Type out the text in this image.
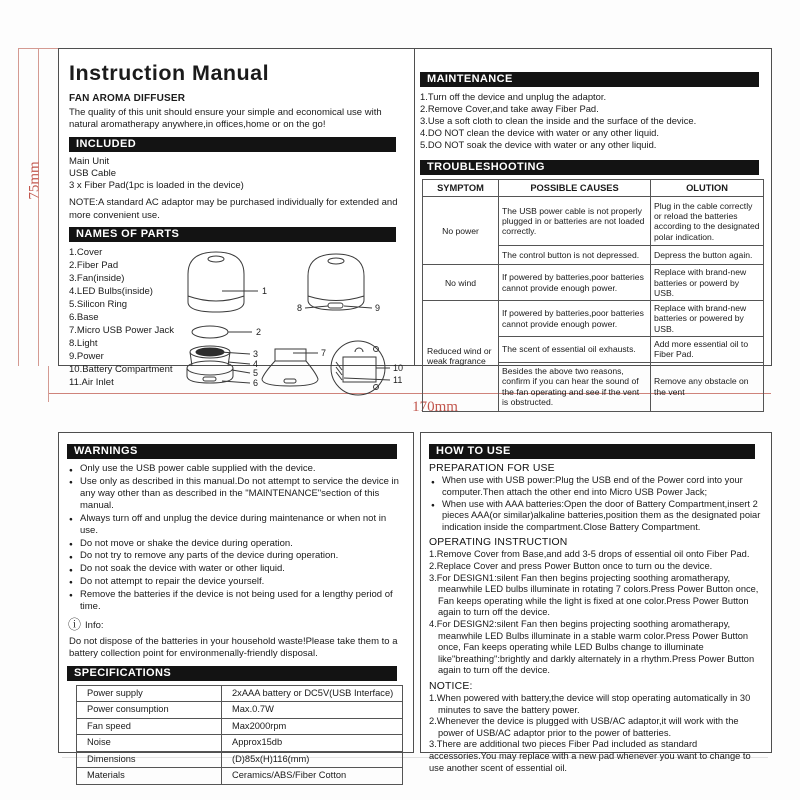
75mm
170mm
Instruction Manual
FAN AROMA DIFFUSER
The quality of this unit should ensure your simple and economical use with natural aromatherapy anywhere,in offices,home or on the go!
INCLUDED
Main Unit
USB Cable
3 x Fiber Pad(1pc is loaded in the device)
NOTE:A standard AC adaptor may be purchased individually for extended and more convenient use.
NAMES OF PARTS
1.Cover
2.Fiber Pad
3.Fan(inside)
4.LED Bulbs(inside)
5.Silicon Ring
6.Base
7.Micro USB Power Jack
8.Light
9.Power
10.Battery Compartment
11.Air Inlet
1
8	9
2
3
4
5
6
7
10
11
MAINTENANCE
1.Turn off the device and unplug the adaptor.
2.Remove Cover,and take away Fiber Pad.
3.Use a soft cloth to clean the inside and the surface of the device.
4.DO NOT clean the device with water or any other liquid.
5.DO NOT soak the device with water or any other liquid.
TROUBLESHOOTING
SYMPTOM	POSSIBLE CAUSES	OLUTION
No power	The USB power cable is not properly plugged in or batteries are not loaded correctly.	Plug in the cable correctly or reload the batteries according to the designated polar indication.
	The control button is not depressed.	Depress the button again.
No wind	If powered by batteries,poor batteries cannot provide enough power.	Replace with brand-new batteries or powerd by USB.
Reduced wind or weak fragrance	If powered by batteries,poor batteries cannot provide enough power.	Replace with brand-new batteries or powered by USB.
	The scent of essential oil exhausts.	Add more essential oil to Fiber Pad.
	Besides the above two reasons, confirm if you can hear the sound of the fan operating and see if the vent is obstructed.	Remove any obstacle on the vent
WARNINGS
● Only use the USB power cable supplied with the device.
● Use only as described in this manual.Do not attempt to service the device in any way other than as described in the "MAINTENANCE"section of this manual.
● Always turn off and unplug the device during maintenance or when not in use.
● Do not move or shake the device during operation.
● Do not try to remove any parts of the device during operation.
● Do not soak the device with water or other liquid.
● Do not attempt to repair the device yourself.
● Remove the batteries if the device is not being used for a lengthy period of time.
ⓘ Info:
Do not dispose of the batteries in your household waste!Please take them to a battery collection point for environmenally-friendly disposal.
SPECIFICATIONS
Power supply	2xAAA battery or DC5V(USB Interface)
Power consumption	Max.0.7W
Fan speed	Max2000rpm
Noise	Approx15db
Dimensions	(D)85x(H)116(mm)
Materials	Ceramics/ABS/Fiber Cotton
HOW TO USE
PREPARATION FOR USE
● When use with USB power:Plug the USB end of the Power cord into your computer.Then attach the other end into Micro USB Power Jack;
● When use with AAA batteries:Open the door of Battery Compartment,insert 2 pieces AAA(or similar)alkaline batteries,position them as the designated poiar indication inside the compartment.Close Battery Compartment.
OPERATING INSTRUCTION
1.Remove Cover from Base,and add 3-5 drops of essential oil onto Fiber Pad.
2.Replace Cover and press Power Button once to turn ou the device.
3.For DESIGN1:silent Fan then begins projecting soothing aromatherapy, meanwhile LED bulbs illuminate in rotating 7 colors.Press Power Button once, Fan keeps operating while the light is fixed at one color.Press Power Button again to turn off the device.
4.For DESIGN2:silent Fan then begins projecting soothing aromatherapy, meanwhile LED Bulbs illuminate in a stable warm color.Press Power Button once, Fan keeps operating while LED Bulbs change to illuminate like"breathing":brightly and darkly alternately in a rhythm.Press Power Button again to turn off the device.
NOTICE:
1.When powered with battery,the device will stop operating automatically in 30 minutes to save the battery power.
2.Whenever the device is plugged with USB/AC adaptor,it will work with the power of USB/AC adaptor prior to the power of batteries.
3.There are additional two pieces Fiber Pad included as standard accessories.You may replace with a new pad whenever you want to change to use another scent of essential oil.
